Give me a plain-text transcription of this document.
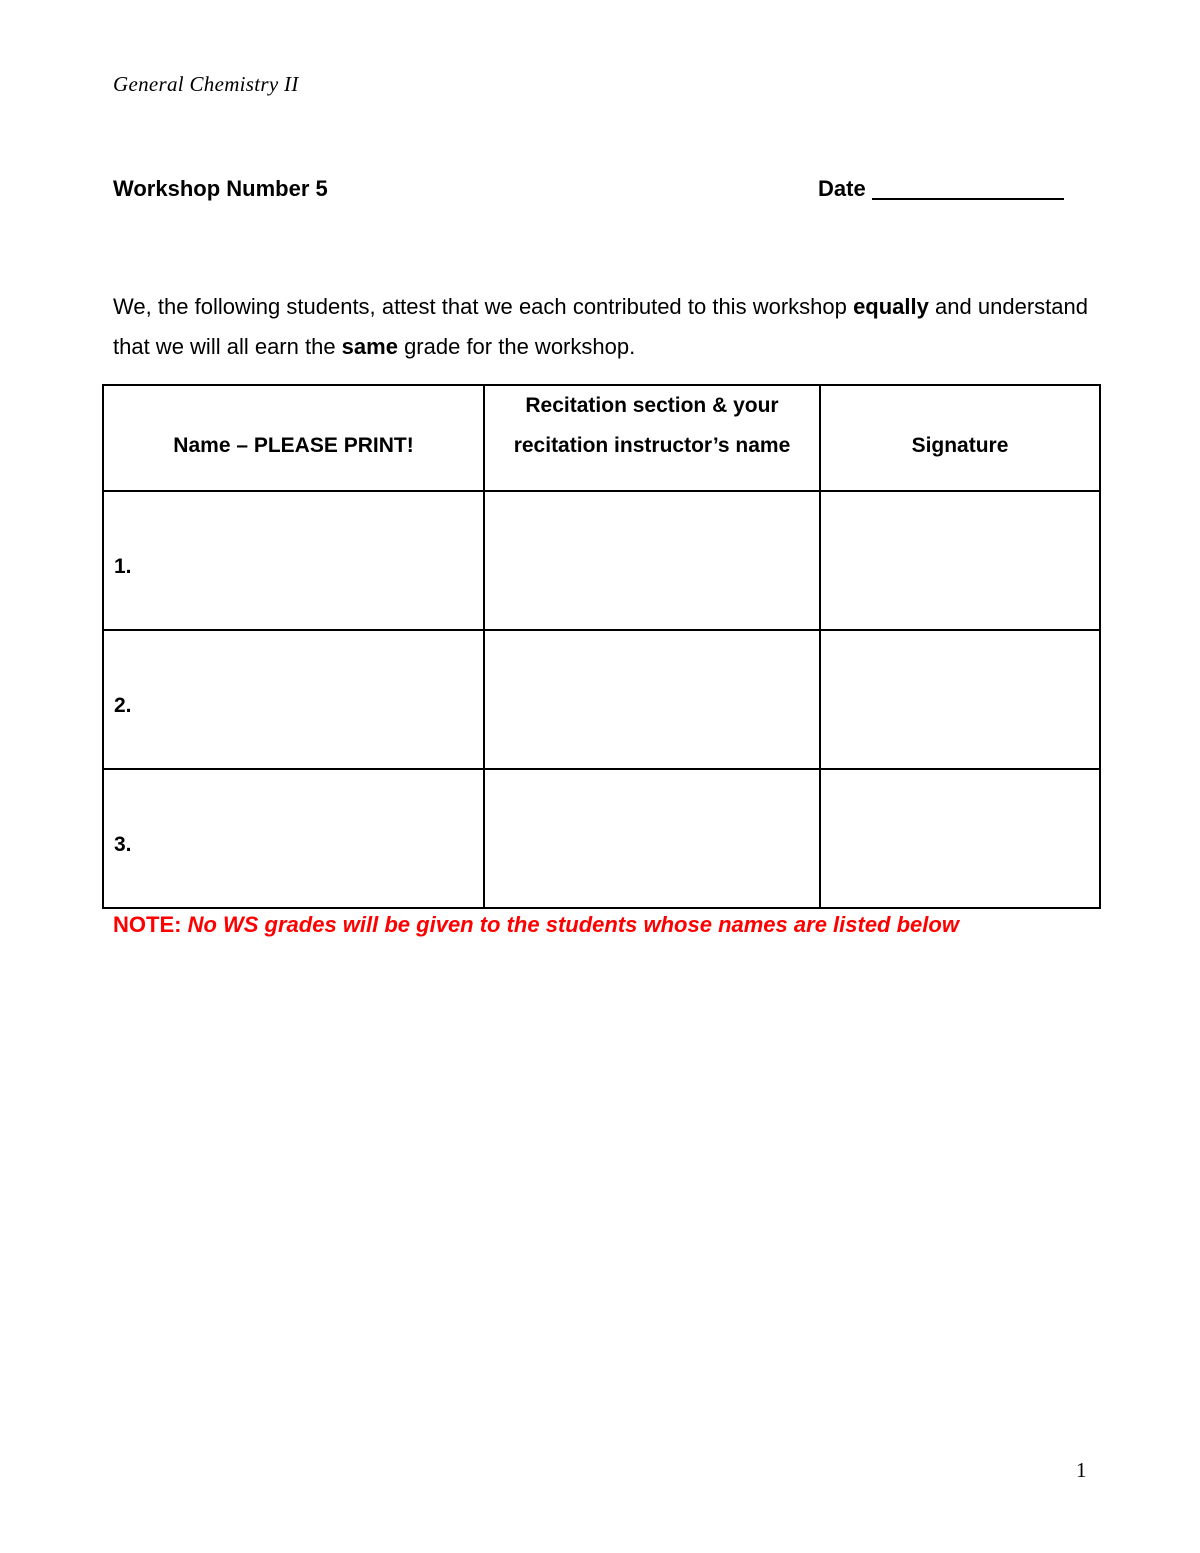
General Chemistry II
Workshop Number 5	Date
We, the following students, attest that we each contributed to this workshop equally and understand that we will all earn the same grade for the workshop.
Name – PLEASE PRINT!	Recitation section & your recitation instructor’s name	Signature
1.		
2.		
3.		
NOTE: No WS grades will be given to the students whose names are listed below
1
